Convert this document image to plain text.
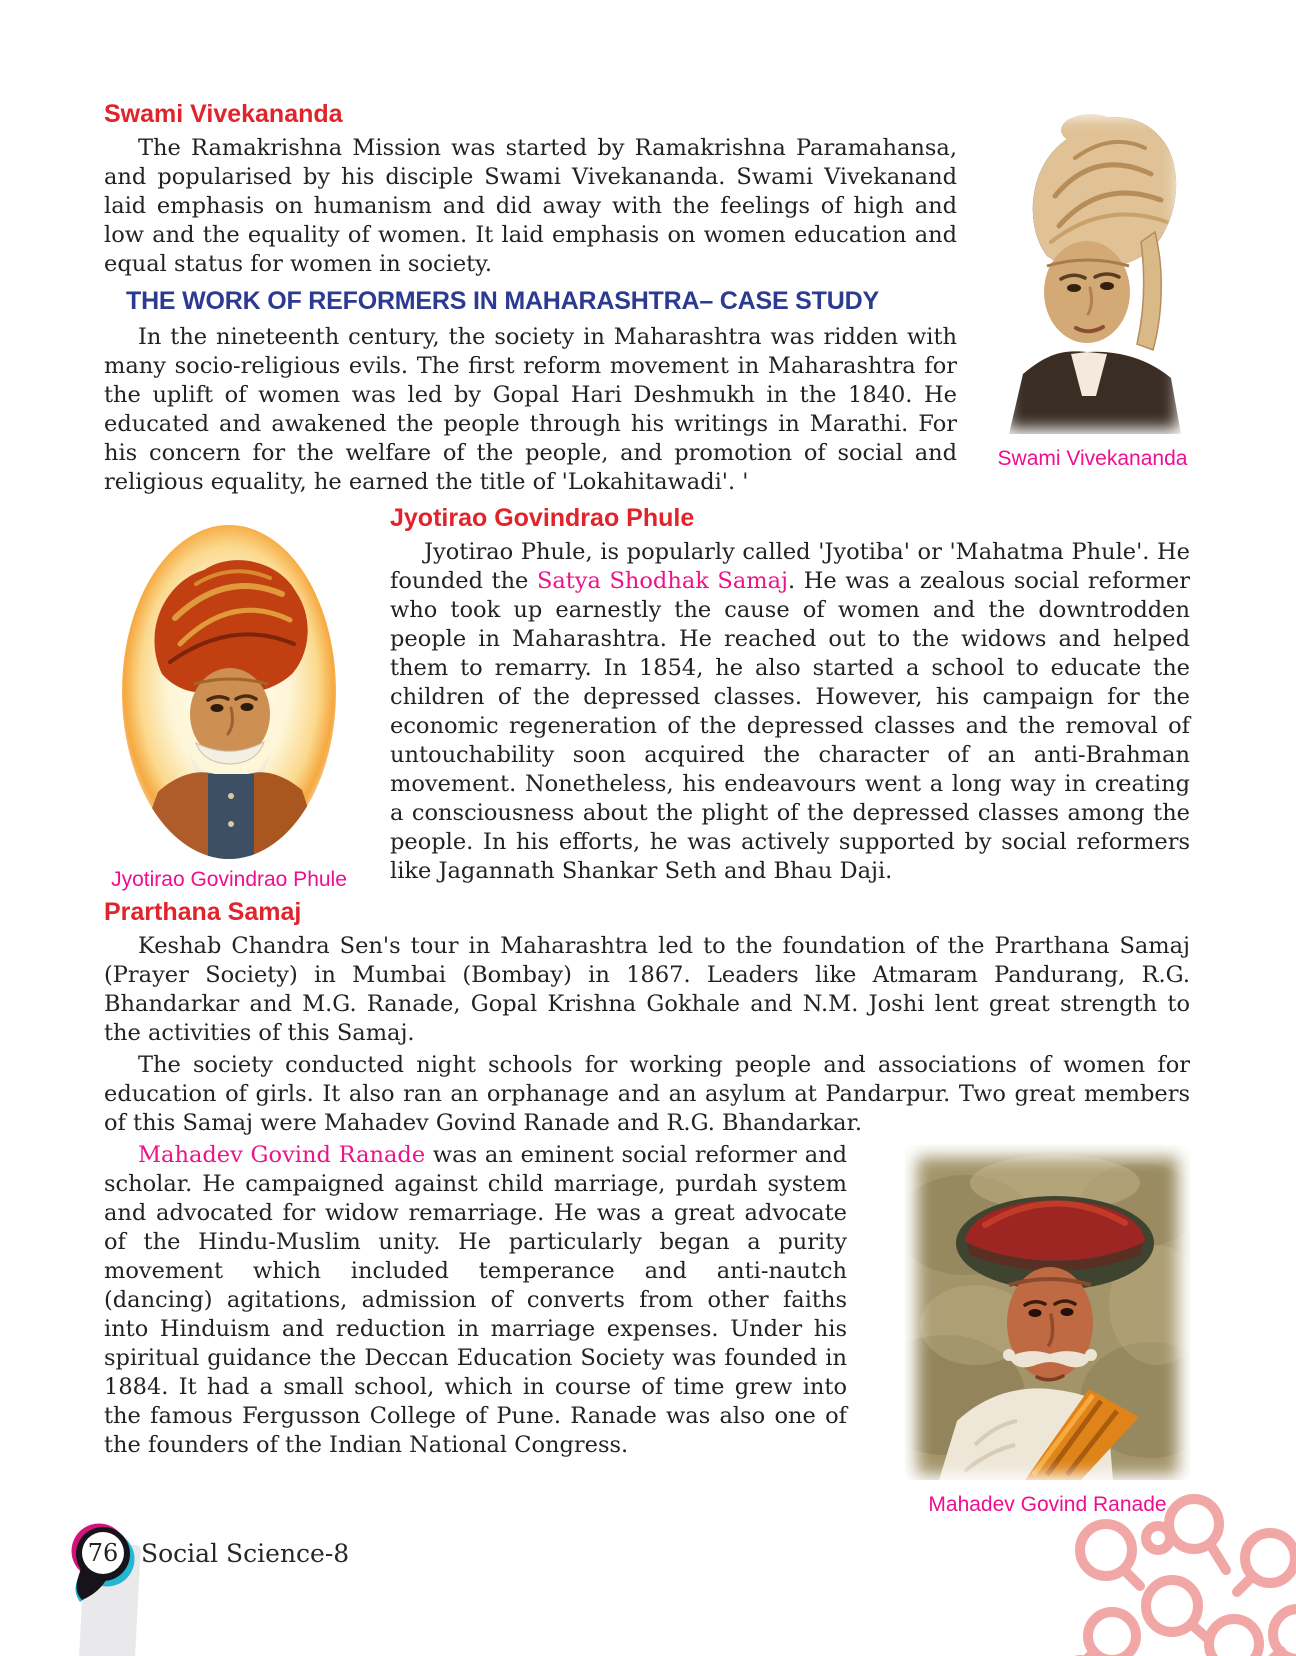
Swami Vivekananda
Swami Vivekananda

The Ramakrishna Mission was started by Ramakrishna Paramahansa, and popularised by his disciple Swami Vivekananda. Swami Vivekanand laid emphasis on humanism and did away with the feelings of high and low and the equality of women. It laid emphasis on women education and equal status for women in society.

THE WORK OF REFORMERS IN MAHARASHTRA– CASE STUDY

In the nineteenth century, the society in Maharashtra was ridden with many socio-religious evils. The first reform movement in Maharashtra for the uplift of women was led by Gopal Hari Deshmukh in the 1840. He educated and awakened the people through his writings in Marathi. For his concern for the welfare of the people, and promotion of social and religious equality, he earned the title of 'Lokahitawadi'. '

Jyotirao Govindrao Phule
Jyotirao Govindrao Phule

Jyotirao Phule, is popularly called 'Jyotiba' or 'Mahatma Phule'. He founded the Satya Shodhak Samaj. He was a zealous social reformer who took up earnestly the cause of women and the downtrodden people in Maharashtra. He reached out to the widows and helped them to remarry. In 1854, he also started a school to educate the children of the depressed classes. However, his campaign for the economic regeneration of the depressed classes and the removal of untouchability soon acquired the character of an anti-Brahman movement. Nonetheless, his endeavours went a long way in creating a consciousness about the plight of the depressed classes among the people. In his efforts, he was actively supported by social reformers like Jagannath Shankar Seth and Bhau Daji.

Prarthana Samaj

Keshab Chandra Sen's tour in Maharashtra led to the foundation of the Prarthana Samaj (Prayer Society) in Mumbai (Bombay) in 1867. Leaders like Atmaram Pandurang, R.G. Bhandarkar and M.G. Ranade, Gopal Krishna Gokhale and N.M. Joshi lent great strength to the activities of this Samaj.

The society conducted night schools for working people and associations of women for education of girls. It also ran an orphanage and an asylum at Pandarpur. Two great members of this Samaj were Mahadev Govind Ranade and R.G. Bhandarkar.

Mahadev Govind Ranade

Mahadev Govind Ranade was an eminent social reformer and scholar. He campaigned against child marriage, purdah system and advocated for widow remarriage. He was a great advocate of the Hindu-Muslim unity. He particularly began a purity movement which included temperance and anti-nautch (dancing) agitations, admission of converts from other faiths into Hinduism and reduction in marriage expenses. Under his spiritual guidance the Deccan Education Society was founded in 1884. It had a small school, which in course of time grew into the famous Fergusson College of Pune. Ranade was also one of the founders of the Indian National Congress.

76 Social Science-8
